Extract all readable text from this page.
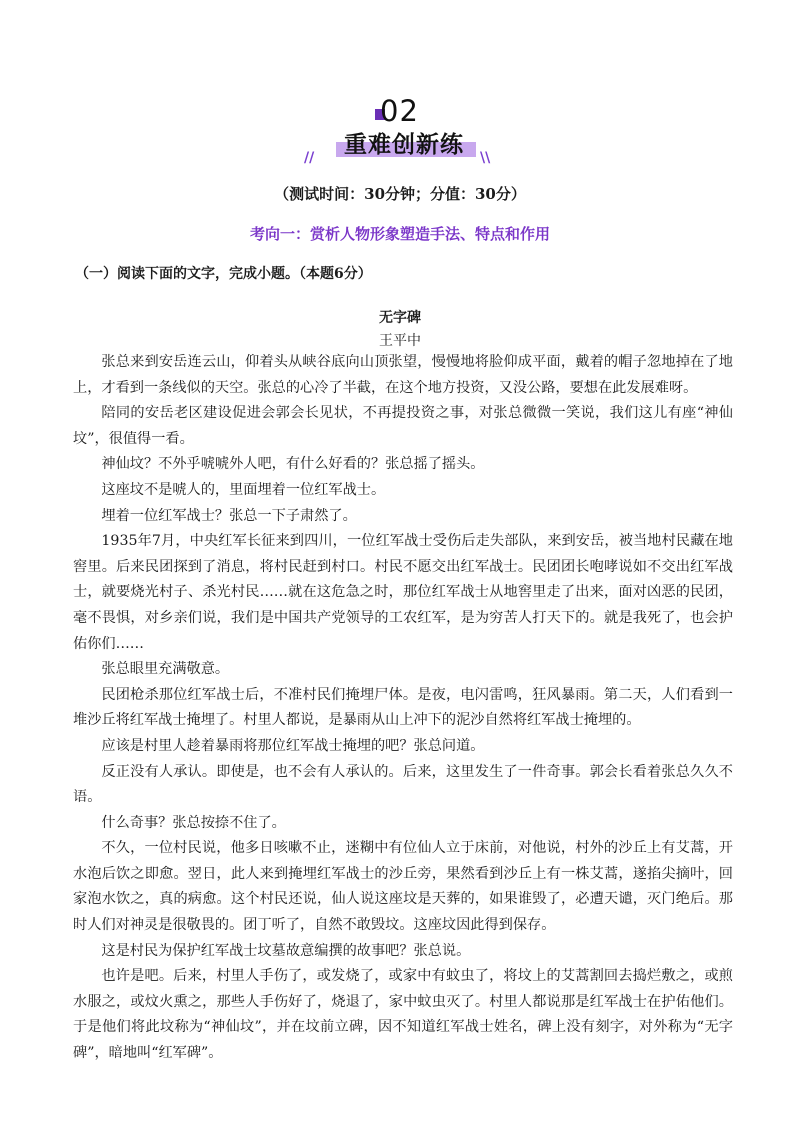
02
//	重难创新练	\\
（测试时间：30分钟；分值：30分）
考向一：赏析人物形象塑造手法、特点和作用
（一）阅读下面的文字，完成小题。（本题6分）
无字碑
王平中

张总来到安岳连云山，仰着头从峡谷底向山顶张望，慢慢地将脸仰成平面，戴着的帽子忽地掉在了地上，才看到一条线似的天空。张总的心冷了半截，在这个地方投资，又没公路，要想在此发展难呀。

陪同的安岳老区建设促进会郭会长见状，不再提投资之事，对张总微微一笑说，我们这儿有座“神仙坟”，很值得一看。

神仙坟？不外乎唬唬外人吧，有什么好看的？张总摇了摇头。

这座坟不是唬人的，里面埋着一位红军战士。

埋着一位红军战士？张总一下子肃然了。

1935年7月，中央红军长征来到四川，一位红军战士受伤后走失部队，来到安岳，被当地村民藏在地窖里。后来民团探到了消息，将村民赶到村口。村民不愿交出红军战士。民团团长咆哮说如不交出红军战士，就要烧光村子、杀光村民……就在这危急之时，那位红军战士从地窖里走了出来，面对凶恶的民团，毫不畏惧，对乡亲们说，我们是中国共产党领导的工农红军，是为穷苦人打天下的。就是我死了，也会护佑你们……

张总眼里充满敬意。

民团枪杀那位红军战士后，不准村民们掩埋尸体。是夜，电闪雷鸣，狂风暴雨。第二天，人们看到一堆沙丘将红军战士掩埋了。村里人都说，是暴雨从山上冲下的泥沙自然将红军战士掩埋的。

应该是村里人趁着暴雨将那位红军战士掩埋的吧？张总问道。

反正没有人承认。即使是，也不会有人承认的。后来，这里发生了一件奇事。郭会长看着张总久久不语。

什么奇事？张总按捺不住了。

不久，一位村民说，他多日咳嗽不止，迷糊中有位仙人立于床前，对他说，村外的沙丘上有艾蒿，开水泡后饮之即愈。翌日，此人来到掩埋红军战士的沙丘旁，果然看到沙丘上有一株艾蒿，遂掐尖摘叶，回家泡水饮之，真的病愈。这个村民还说，仙人说这座坟是天葬的，如果谁毁了，必遭天谴，灭门绝后。那时人们对神灵是很敬畏的。团丁听了，自然不敢毁坟。这座坟因此得到保存。

这是村民为保护红军战士坟墓故意编撰的故事吧？张总说。

也许是吧。后来，村里人手伤了，或发烧了，或家中有蚊虫了，将坟上的艾蒿割回去捣烂敷之，或煎水服之，或炆火熏之，那些人手伤好了，烧退了，家中蚊虫灭了。村里人都说那是红军战士在护佑他们。于是他们将此坟称为“神仙坟”，并在坟前立碑，因不知道红军战士姓名，碑上没有刻字，对外称为“无字碑”，暗地叫“红军碑”。
